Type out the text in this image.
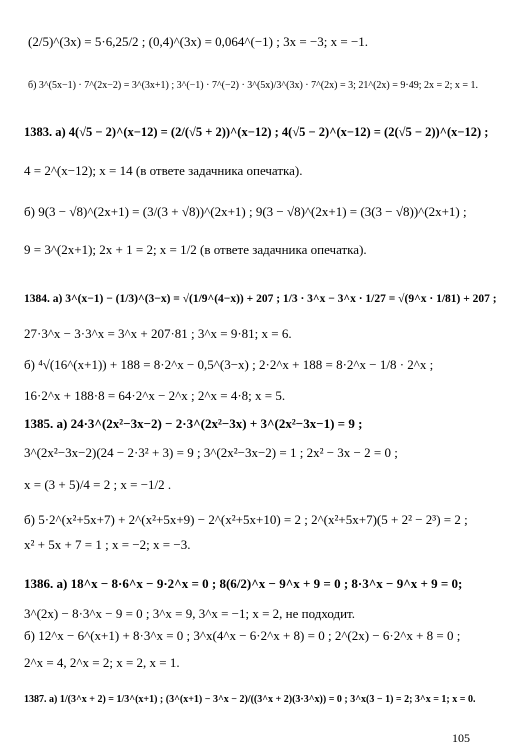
(2/5)^(3x) = 5·6,25/2 ; (0,4)^(3x) = 0,064^(−1) ; 3x = −3; x = −1.
б) 3^(5x−1) · 7^(2x−2) = 3^(3x+1) ; 3^(−1) · 7^(−2) · 3^(5x)/3^(3x) · 7^(2x) = 3; 21^(2x) = 9·49; 2x = 2; x = 1.
1383. а) 4(√5 − 2)^(x−12) = (2/(√5 + 2))^(x−12) ; 4(√5 − 2)^(x−12) = (2(√5 − 2))^(x−12) ;
4 = 2^(x−12); x = 14 (в ответе задачника опечатка).
б) 9(3 − √8)^(2x+1) = (3/(3 + √8))^(2x+1) ; 9(3 − √8)^(2x+1) = (3(3 − √8))^(2x+1) ;
9 = 3^(2x+1); 2x + 1 = 2; x = 1/2 (в ответе задачника опечатка).
1384. а) 3^(x−1) − (1/3)^(3−x) = √(1/9^(4−x)) + 207 ; 1/3 · 3^x − 3^x · 1/27 = √(9^x · 1/81) + 207 ;
27·3^x − 3·3^x = 3^x + 207·81 ; 3^x = 9·81; x = 6.
б) ⁴√(16^(x+1)) + 188 = 8·2^x − 0,5^(3−x) ; 2·2^x + 188 = 8·2^x − 1/8 · 2^x ;
16·2^x + 188·8 = 64·2^x − 2^x ; 2^x = 4·8; x = 5.
1385. а) 24·3^(2x²−3x−2) − 2·3^(2x²−3x) + 3^(2x²−3x−1) = 9 ;
3^(2x²−3x−2)(24 − 2·3² + 3) = 9 ; 3^(2x²−3x−2) = 1 ; 2x² − 3x − 2 = 0 ;
x = (3 + 5)/4 = 2 ; x = −1/2 .
б) 5·2^(x²+5x+7) + 2^(x²+5x+9) − 2^(x²+5x+10) = 2 ; 2^(x²+5x+7)(5 + 2² − 2³) = 2 ;
x² + 5x + 7 = 1 ; x = −2; x = −3.
1386. а) 18^x − 8·6^x − 9·2^x = 0 ; 8(6/2)^x − 9^x + 9 = 0 ; 8·3^x − 9^x + 9 = 0;
3^(2x) − 8·3^x − 9 = 0 ; 3^x = 9, 3^x = −1; x = 2, не подходит.
б) 12^x − 6^(x+1) + 8·3^x = 0 ; 3^x(4^x − 6·2^x + 8) = 0 ; 2^(2x) − 6·2^x + 8 = 0 ;
2^x = 4, 2^x = 2; x = 2, x = 1.
1387. а) 1/(3^x + 2) = 1/3^(x+1) ; (3^(x+1) − 3^x − 2)/((3^x + 2)(3·3^x)) = 0 ; 3^x(3 − 1) = 2; 3^x = 1; x = 0.
105
